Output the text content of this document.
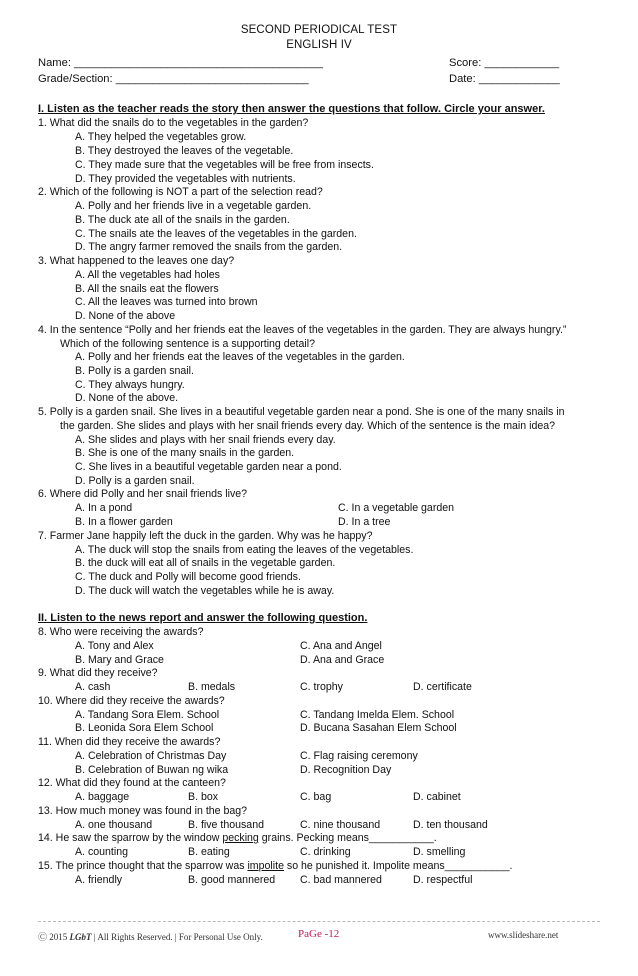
SECOND PERIODICAL TEST
ENGLISH IV
Name: ________________________________________	Score: ____________
Grade/Section: _______________________________	Date: _____________
I. Listen as the teacher reads the story then answer the questions that follow. Circle your answer.
1. What did the snails do to the vegetables in the garden?
A. They helped the vegetables grow.
B. They destroyed the leaves of the vegetable.
C. They made sure that the vegetables will be free from insects.
D. They provided the vegetables with nutrients.
2. Which of the following is NOT a part of the selection read?
A. Polly and her friends live in a vegetable garden.
B. The duck ate all of the snails in the garden.
C. The snails ate the leaves of the vegetables in the garden.
D. The angry farmer removed the snails from the garden.
3. What happened to the leaves one day?
A. All the vegetables had holes
B. All the snails eat the flowers
C. All the leaves was turned into brown
D. None of the above
4. In the sentence “Polly and her friends eat the leaves of the vegetables in the garden. They are always hungry.”
Which of the following sentence is a supporting detail?
A. Polly and her friends eat the leaves of the vegetables in the garden.
B. Polly is a garden snail.
C. They always hungry.
D. None of the above.
5. Polly is a garden snail. She lives in a beautiful vegetable garden near a pond. She is one of the many snails in
the garden. She slides and plays with her snail friends every day. Which of the sentence is the main idea?
A. She slides and plays with her snail friends every day.
B. She is one of the many snails in the garden.
C. She lives in a beautiful vegetable garden near a pond.
D. Polly is a garden snail.
6. Where did Polly and her snail friends live?
A. In a pond	C. In a vegetable garden
B. In a flower garden	D. In a tree
7. Farmer Jane happily left the duck in the garden. Why was he happy?
A. The duck will stop the snails from eating the leaves of the vegetables.
B. the duck will eat all of snails in the vegetable garden.
C. The duck and Polly will become good friends.
D. The duck will watch the vegetables while he is away.
II. Listen to the news report and answer the following question.
8. Who were receiving the awards?
A. Tony and Alex	C. Ana and Angel
B. Mary and Grace	D. Ana and Grace
9. What did they receive?
A. cash	B. medals	C. trophy	D. certificate
10. Where did they receive the awards?
A. Tandang Sora Elem. School	C. Tandang Imelda Elem. School
B. Leonida Sora Elem School	D. Bucana Sasahan Elem School
11. When did they receive the awards?
A. Celebration of Christmas Day	C. Flag raising ceremony
B. Celebration of Buwan ng wika	D. Recognition Day
12. What did they found at the canteen?
A. baggage	B. box	C. bag	D. cabinet
13. How much money was found in the bag?
A. one thousand	B. five thousand	C. nine thousand	D. ten thousand
14. He saw the sparrow by the window pecking grains. Pecking means___________.
A. counting	B. eating	C. drinking	D. smelling
15. The prince thought that the sparrow was impolite so he punished it. Impolite means___________.
A. friendly	B. good mannered C. bad mannered	D. respectful
Ⓒ 2015 LGbT | All Rights Reserved. | For Personal Use Only.	PaGe -12	www.slideshare.net
